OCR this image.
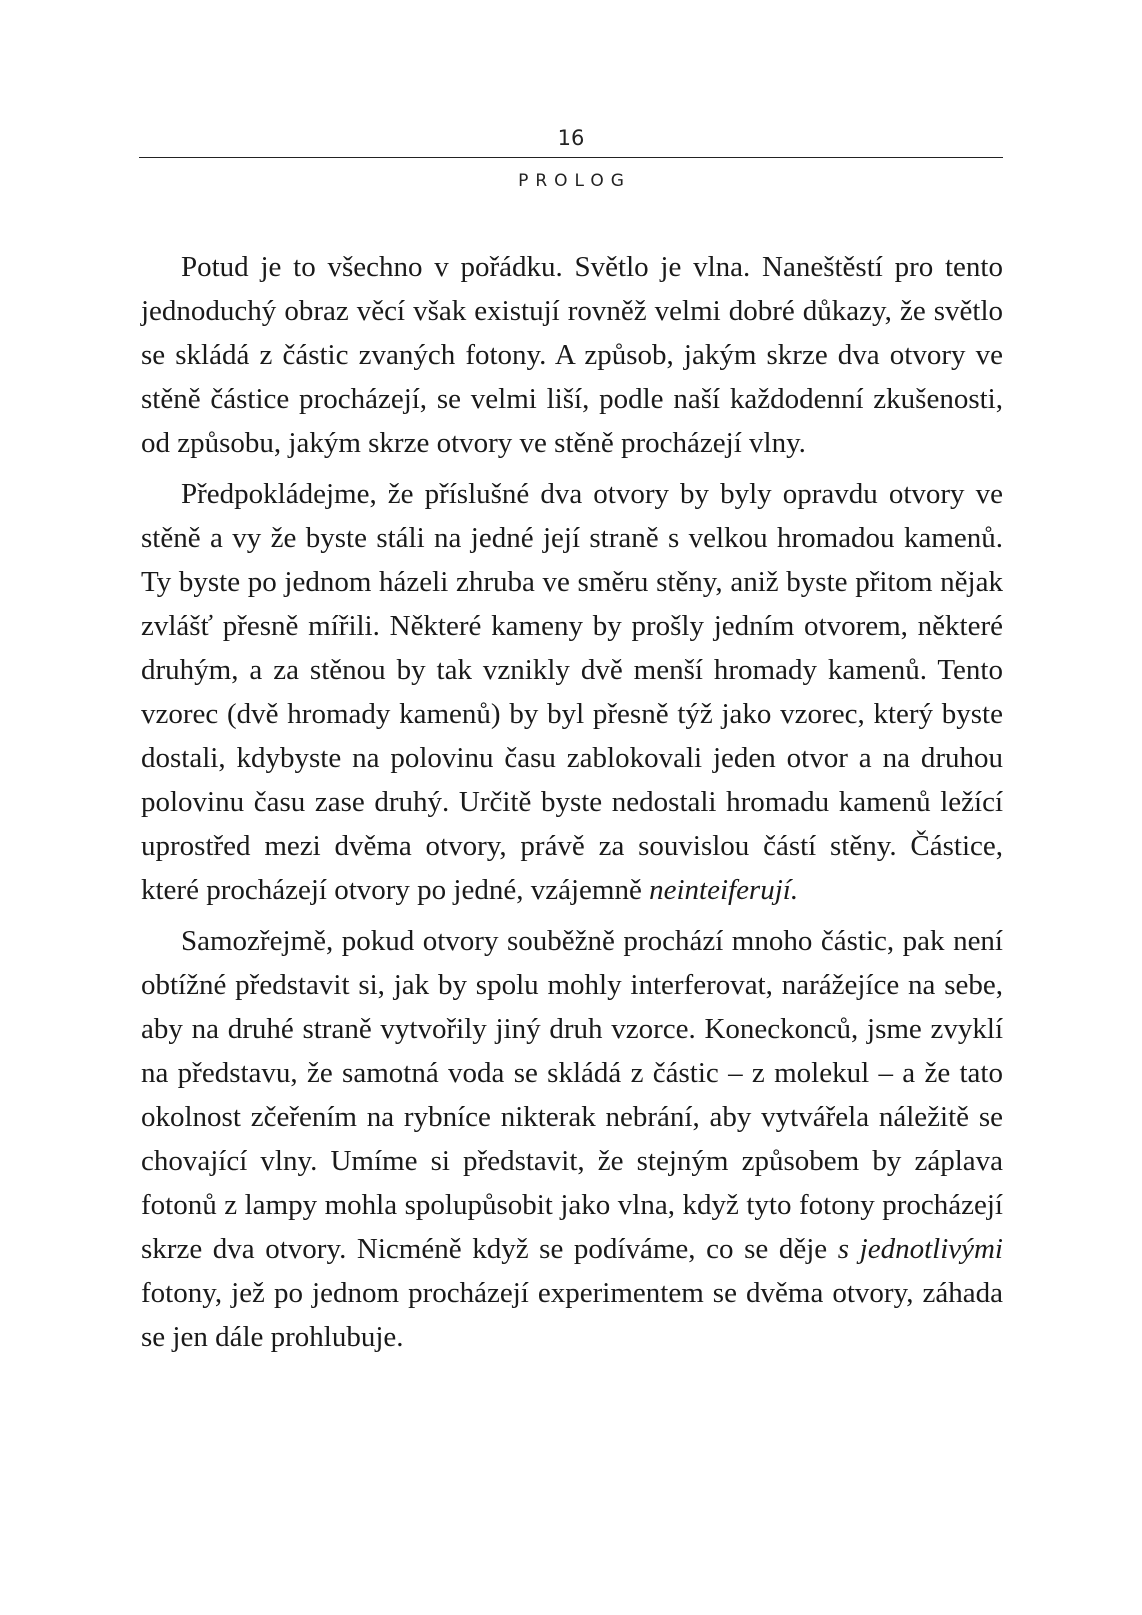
16
PROLOG

Potud je to všechno v pořádku. Světlo je vlna. Naneštěstí pro tento jednoduchý obraz věcí však existují rovněž velmi dobré důkazy, že světlo se skládá z částic zvaných fotony. A způsob, jakým skrze dva otvory ve stěně částice procházejí, se velmi liší, podle naší každodenní zkušenosti, od způsobu, jakým skrze otvory ve stěně procházejí vlny.

Předpokládejme, že příslušné dva otvory by byly opravdu otvory ve stěně a vy že byste stáli na jedné její straně s velkou hromadou kamenů. Ty byste po jednom házeli zhruba ve směru stěny, aniž byste přitom nějak zvlášť přesně mířili. Některé kameny by prošly jedním otvorem, některé druhým, a za stěnou by tak vznikly dvě menší hromady kamenů. Tento vzorec (dvě hromady kamenů) by byl přesně týž jako vzorec, který byste dostali, kdybyste na polovinu času zablokovali jeden otvor a na druhou polovinu času zase druhý. Určitě byste nedostali hromadu kamenů ležící uprostřed mezi dvěma otvory, právě za souvislou částí stěny. Částice, které procházejí otvory po jedné, vzájemně neinteiferují.

Samozřejmě, pokud otvory souběžně prochází mnoho částic, pak není obtížné představit si, jak by spolu mohly interferovat, narážejíce na sebe, aby na druhé straně vytvořily jiný druh vzorce. Koneckonců, jsme zvyklí na představu, že samotná voda se skládá z částic – z molekul – a že tato okolnost zčeřením na rybníce nikterak nebrání, aby vytvářela náležitě se chovající vlny. Umíme si představit, že stejným způsobem by záplava fotonů z lampy mohla spolupůsobit jako vlna, když tyto fotony procházejí skrze dva otvory. Nicméně když se podíváme, co se děje s jednotlivými fotony, jež po jednom procházejí experimentem se dvěma otvory, záhada se jen dále prohlubuje.
